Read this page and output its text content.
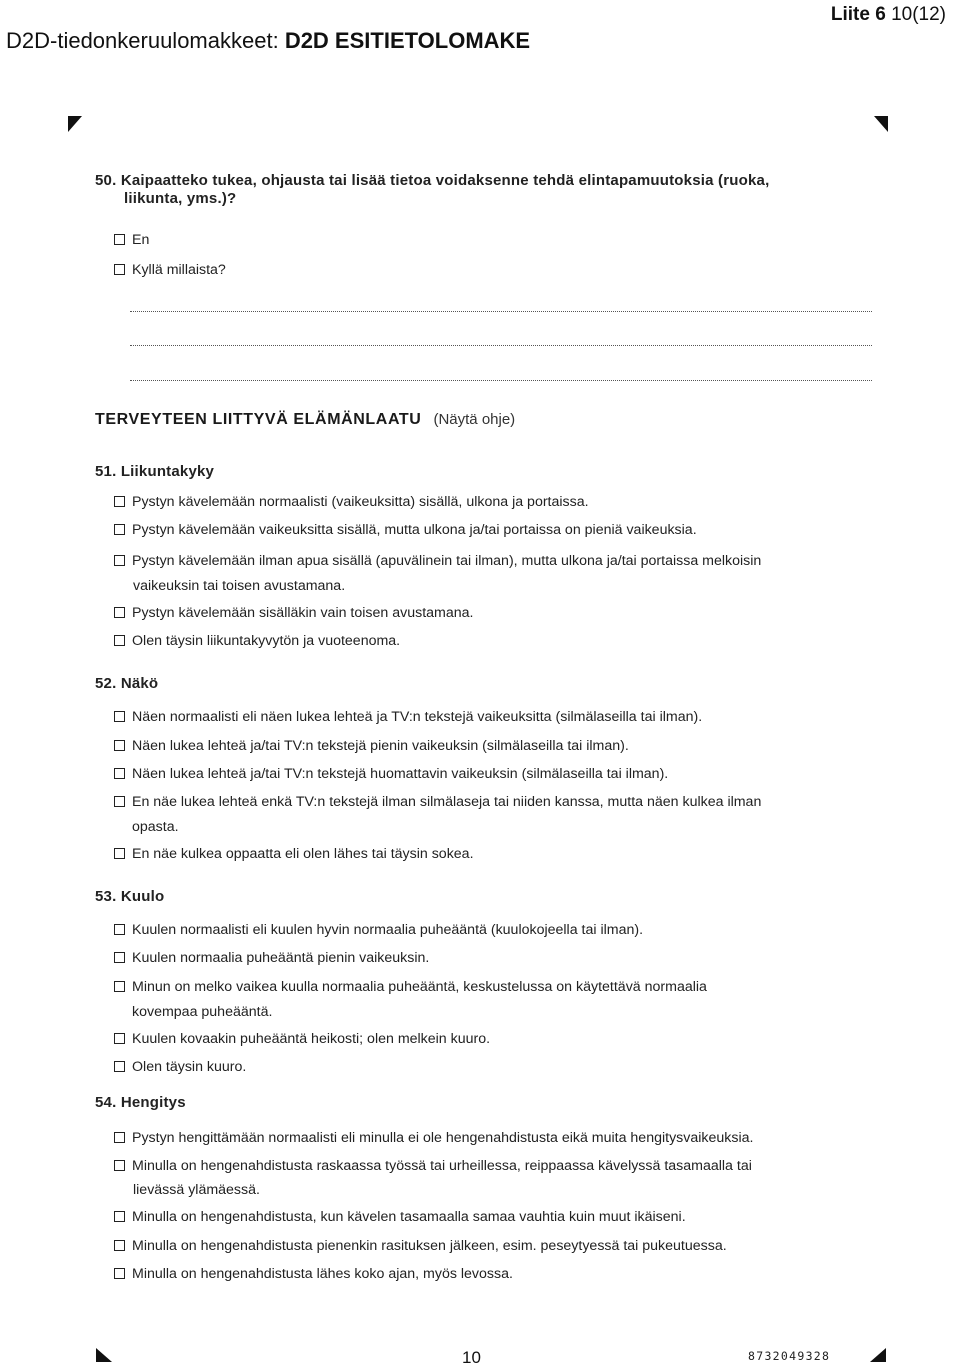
D2D-tiedonkeruulomakkeet: D2D ESITIETOLOMAKE
Liite 6 10(12)
50. Kaipaatteko tukea, ohjausta tai lisää tietoa voidaksenne tehdä elintapamuutoksia (ruoka,
liikunta, yms.)?
En
Kyllä millaista?
TERVEYTEEN LIITTYVÄ ELÄMÄNLAATU (Näytä ohje)
51. Liikuntakyky
Pystyn kävelemään normaalisti (vaikeuksitta) sisällä, ulkona ja portaissa.
Pystyn kävelemään vaikeuksitta sisällä, mutta ulkona ja/tai portaissa on pieniä vaikeuksia.
Pystyn kävelemään ilman apua sisällä (apuvälinein tai ilman), mutta ulkona ja/tai portaissa melkoisin
vaikeuksin tai toisen avustamana.
Pystyn kävelemään sisälläkin vain toisen avustamana.
Olen täysin liikuntakyvytön ja vuoteenoma.
52. Näkö
Näen normaalisti eli näen lukea lehteä ja TV:n tekstejä vaikeuksitta (silmälaseilla tai ilman).
Näen lukea lehteä ja/tai TV:n tekstejä pienin vaikeuksin (silmälaseilla tai ilman).
Näen lukea lehteä ja/tai TV:n tekstejä huomattavin vaikeuksin (silmälaseilla tai ilman).
En näe lukea lehteä enkä TV:n tekstejä ilman silmälaseja tai niiden kanssa, mutta näen kulkea ilman
opasta.
En näe kulkea oppaatta eli olen lähes tai täysin sokea.
53. Kuulo
Kuulen normaalisti eli kuulen hyvin normaalia puheääntä (kuulokojeella tai ilman).
Kuulen normaalia puheääntä pienin vaikeuksin.
Minun on melko vaikea kuulla normaalia puheääntä, keskustelussa on käytettävä normaalia
kovempaa puheääntä.
Kuulen kovaakin puheääntä heikosti; olen melkein kuuro.
Olen täysin kuuro.
54. Hengitys
Pystyn hengittämään normaalisti eli minulla ei ole hengenahdistusta eikä muita hengitysvaikeuksia.
Minulla on hengenahdistusta raskaassa työssä tai urheillessa, reippaassa kävelyssä tasamaalla tai
lievässä ylämäessä.
Minulla on hengenahdistusta, kun kävelen tasamaalla samaa vauhtia kuin muut ikäiseni.
Minulla on hengenahdistusta pienenkin rasituksen jälkeen, esim. peseytyessä tai pukeutuessa.
Minulla on hengenahdistusta lähes koko ajan, myös levossa.
10	8732049328
